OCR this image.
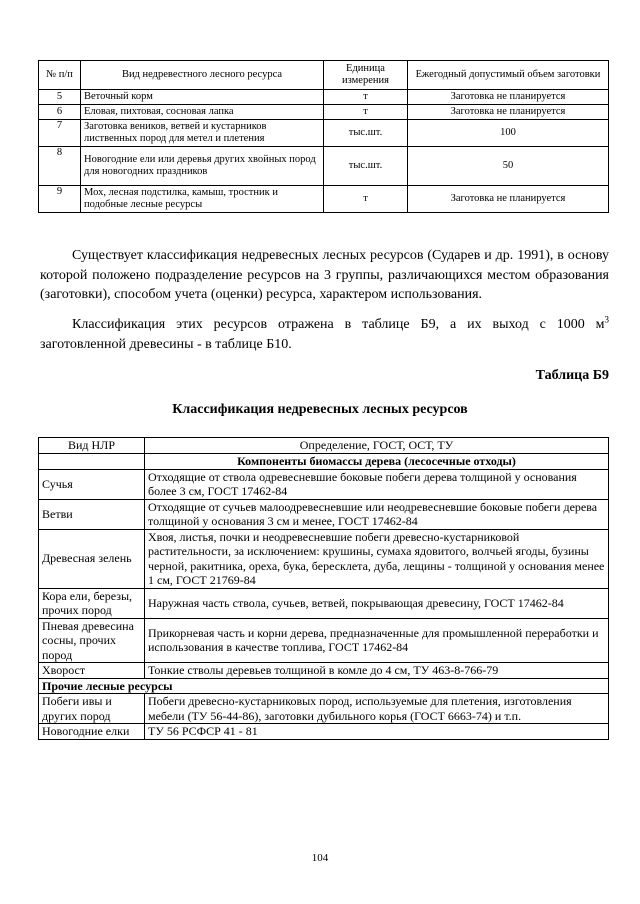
№ п/п	Вид недревестного лесного ресурса	Единица измерения	Ежегодный допустимый объем заготовки
5	Веточный корм	т	Заготовка не планируется
6	Еловая, пихтовая, сосновая лапка	т	Заготовка не планируется
7	Заготовка веников, ветвей и кустарников лиственных пород для метел и плетения	тыс.шт.	100
8	Новогодние ели или деревья других хвойных пород для новогодних праздников	тыс.шт.	50
9	Мох, лесная подстилка, камыш, тростник и подобные лесные ресурсы	т	Заготовка не планируется

Существует классификация недревесных лесных ресурсов (Сударев и др. 1991), в основу которой положено подразделение ресурсов на 3 группы, различающихся местом образования (заготовки), способом учета (оценки) ресурса, характером использования.

Классификация этих ресурсов отражена в таблице Б9, а их выход с 1000 $м^3$ заготовленной древесины - в таблице Б10.

Таблица Б9

Классификация недревесных лесных ресурсов

Вид НЛР	Определение, ГОСТ, ОСТ, ТУ
	Компоненты биомассы дерева (лесосечные отходы)
Сучья	Отходящие от ствола одревесневшие боковые побеги дерева толщиной у основания более 3 см, ГОСТ 17462-84
Ветви	Отходящие от сучьев малоодревесневшие или неодревесневшие боковые побеги дерева толщиной у основания 3 см и менее, ГОСТ 17462-84
Древесная зелень	Хвоя, листья, почки и неодревесневшие побеги древесно-кустарниковой растительности, за исключением: крушины, сумаха ядовитого, волчьей ягоды, бузины черной, ракитника, ореха, бука, бересклета, дуба, лещины - толщиной у основания менее 1 см, ГОСТ 21769-84
Кора ели, березы, прочих пород	Наружная часть ствола, сучьев, ветвей, покрывающая древесину, ГОСТ 17462-84
Пневая древесина сосны, прочих пород	Прикорневая часть и корни дерева, предназначенные для промышленной переработки и использования в качестве топлива, ГОСТ 17462-84
Хворост	Тонкие стволы деревьев толщиной в комле до 4 см, ТУ 463-8-766-79
Прочие лесные ресурсы	
Побеги ивы и других пород	Побеги древесно-кустарниковых пород, используемые для плетения, изготовления мебели (ТУ 56-44-86), заготовки дубильного корья (ГОСТ 6663-74) и т.п.
Новогодние елки	ТУ 56 РСФСР 41 - 81

104
